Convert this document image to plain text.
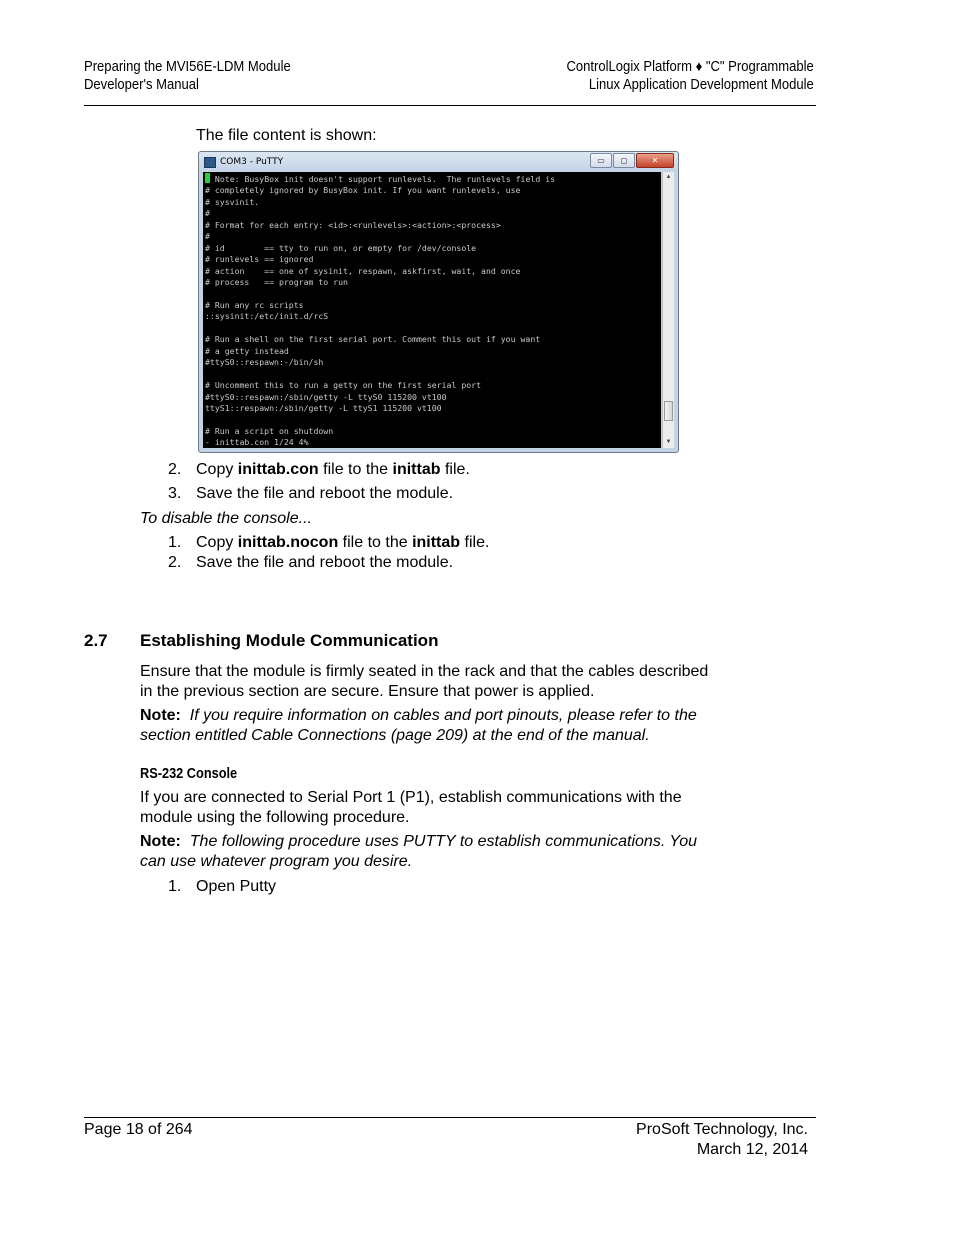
Preparing the MVI56E-LDM Module
Developer's Manual
ControlLogix Platform ♦ "C" Programmable
Linux Application Development Module
The file content is shown:
COM3 - PuTTY	▭	◻	✕
Note: BusyBox init doesn't support runlevels.  The runlevels field is
# completely ignored by BusyBox init. If you want runlevels, use
# sysvinit.
#
# Format for each entry: <id>:<runlevels>:<action>:<process>
#
# id        == tty to run on, or empty for /dev/console
# runlevels == ignored
# action    == one of sysinit, respawn, askfirst, wait, and once
# process   == program to run

# Run any rc scripts
::sysinit:/etc/init.d/rcS

# Run a shell on the first serial port. Comment this out if you want
# a getty instead
#ttyS0::respawn:-/bin/sh

# Uncomment this to run a getty on the first serial port
#ttyS0::respawn:/sbin/getty -L ttyS0 115200 vt100
ttyS1::respawn:/sbin/getty -L ttyS1 115200 vt100

# Run a script on shutdown
- inittab.con 1/24 4%
▲
▼
2. Copy inittab.con file to the inittab file.
3. Save the file and reboot the module.
To disable the console...
1. Copy inittab.nocon file to the inittab file.
2. Save the file and reboot the module.
2.7 Establishing Module Communication
Ensure that the module is firmly seated in the rack and that the cables described
in the previous section are secure. Ensure that power is applied.
Note: If you require information on cables and port pinouts, please refer to the
section entitled Cable Connections (page 209) at the end of the manual.
RS-232 Console
If you are connected to Serial Port 1 (P1), establish communications with the
module using the following procedure.
Note: The following procedure uses PUTTY to establish communications. You
can use whatever program you desire.
1. Open Putty
Page 18 of 264	ProSoft Technology, Inc.
March 12, 2014
